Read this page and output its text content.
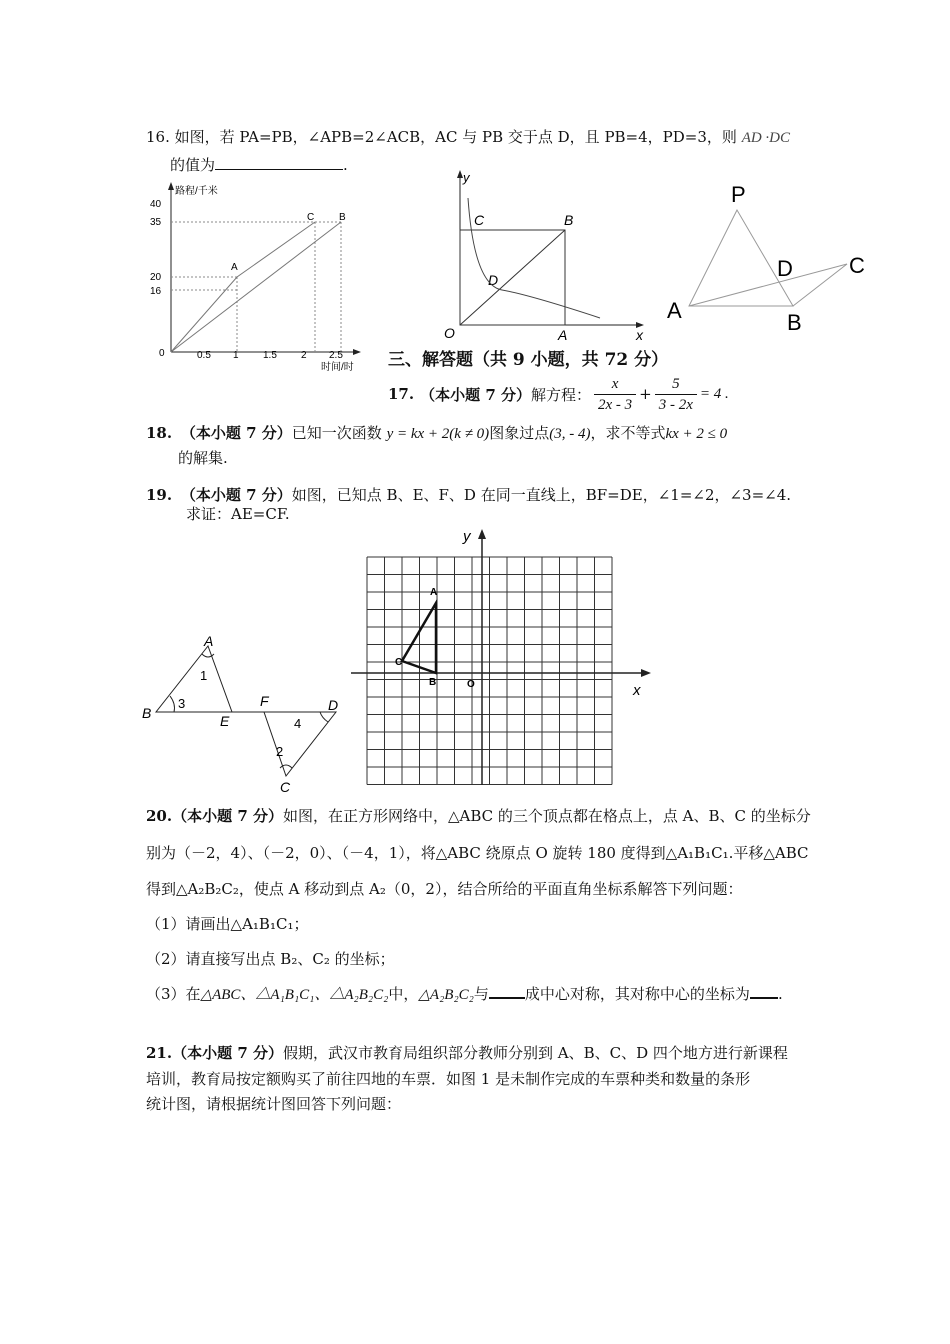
16. 如图，若 PA=PB，∠APB=2∠ACB，AC 与 PB 交于点 D，且 PB=4，PD=3，则 AD ·DC
的值为	.
路程/千米
时间/时
40
35
20
16
0	0.5 1 1.5 2 2.5
A
C B
y
C	B
D
O	A	x
P
D	C
A	B
三、解答题（共 9 小题，共 72 分）
17. （本小题 7 分） 解方程： $\frac{x}{2x - 3} + \frac{5}{3 - 2x} = 4$ .
18. （本小题 7 分）已知一次函数 y = kx + 2(k ≠ 0)图象过点(3, - 4)，求不等式kx + 2 ≤ 0
的解集.
19. （本小题 7 分）如图，已知点 B、E、F、D 在同一直线上，BF=DE，∠1=∠2，∠3=∠4.
求证：AE=CF.
A
1
B
3
E
F
4
D
2
C
y
x
A
C
B	O
20.（本小题 7 分）如图，在正方形网络中，△ABC 的三个顶点都在格点上，点 A、B、C 的坐标分
别为（－2，4）、（－2，0）、（－4，1），将△ABC 绕原点 O 旋转 180 度得到△A₁B₁C₁.平移△ABC
得到△A₂B₂C₂，使点 A 移动到点 A₂（0，2），结合所给的平面直角坐标系解答下列问题：
（1）请画出△A₁B₁C₁；
（2）请直接写出点 B₂、C₂ 的坐标；
（3）在△ABC、△A₁B₁C₁、△A₂B₂C₂中，△A₂B₂C₂与 成中心对称，其对称中心的坐标为 .
21.（本小题 7 分）假期，武汉市教育局组织部分教师分别到 A、B、C、D 四个地方进行新课程
培训，教育局按定额购买了前往四地的车票．如图 1 是未制作完成的车票种类和数量的条形
统计图，请根据统计图回答下列问题：
